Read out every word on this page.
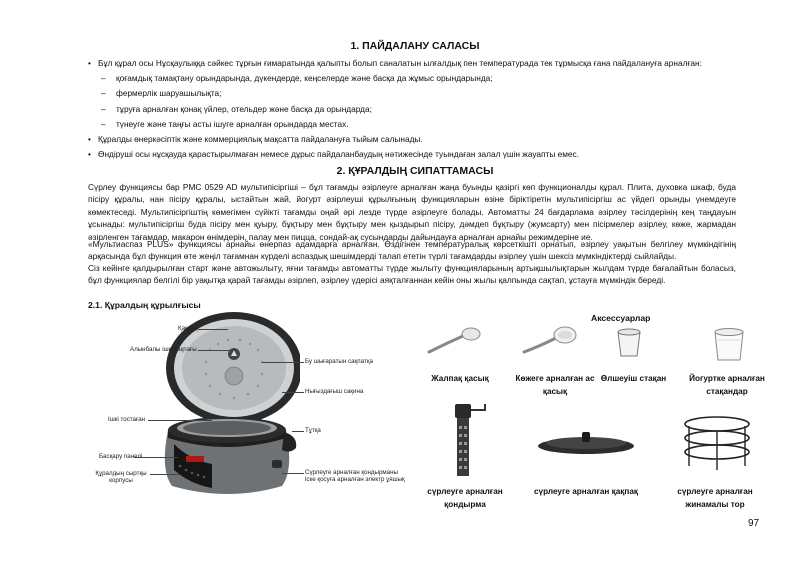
1. ПАЙДАЛАНУ САЛАСЫ
• Бұл құрал осы Нұсқаулыққа сәйкес тұрғын ғимаратында қалыпты болып саналатын ылғалдық пен температурада тек тұрмысқа ғана пайдалануға арналған:
– қоғамдық тамақтану орындарында, дүкендерде, кеңселерде және басқа да жұмыс орындарында;
– фермерлік шаруашылықта;
– тұруға арналған қонақ үйлер, отельдер және басқа да орындарда;
– түнеуге және таңғы асты ішуге арналған орындарда местах.
• Құралды өнеркәсіптік және коммерциялық мақсатта пайдалануға тыйым салынады.
• Өндіруші осы нұсқауда қарастырылмаған немесе дұрыс пайдаланбаудың нәтижесінде туындаған залал үшін жауапты емес.
2. ҚҰРАЛДЫҢ СИПАТТАМАСЫ
Сүрлеу функциясы бар PMC 0529 AD мультипісіргіші – бұл тағамды әзірлеуге арналған жаңа буынды қазіргі көп функционалды құрал. Плита, духовка шкаф, буда пісіру құралы, нан пісіру құралы, ыстайтын жай, йогурт әзірлеуші құрылғының функцияларын өзіне біріктіретін мультипісіргіш ас үйдегі орынды үнемдеуге көмектеседі. Мультипісіргіштің көмегімен сүйікті тағамды оңай әрі лезде түрде әзірлеуге болады. Автоматты 24 бағдарлама әзірлеу тәсілдерінің кең таңдауын ұсынады: мультипісіргіш буда пісіру мен қуыру, бұқтыру мен бұқтыру мен қыздырып пісіру, дәмдеп бұқтыру (жумсарту) мен пісірмелер әзірлеу, көже, жармадан әзірленген тағамдар, макарон өнімдерін, палау мен пицца, сондай-ақ сусындарды дайындауға арналған арнайы режимдеріне ие.
«Мультиаспаз PLUS» функциясы арнайы өнерпаз адамдарға арналған. Өздігінен температуралық көрсеткішті орнатып, әзірлеу уақытын белгілеу мүмкіндігінің арқасында бұл функция өте жеңіл тағамнан күрделі аспаздық шешімдерді талап ететін түрлі тағамдарды әзірлеу үшін шексіз мүмкіндіктерді сыйлайды.
Сіз кейінге қалдырылған старт және автожылыту, яғни тағамды автоматты түрде жылыту функцияларының артықшылықтарын жылдам түрде бағалайтын боласыз, бұл функциялар белгілі бір уақытқа қарай тағамды әзірлеп, әзірлеу үдерісі аяқталғаннан кейін оны жылы қалпында сақтап, ұстауға мүмкіндік береді.
2.1. Құралдың құрылғысы
Қақпақ
Алынбалы ішкі қақпағы
Бу шығаратын сақпатқа
Нығыздағыш сақина
Ішкі тостаған
Тұтқа
Басқару панелі
Құралдың сыртқы корпусы
Сүрлеуге арналған қондырманы іске қосуға арналған электр ұяшық
Аксессуарлар
Жалпақ қасық	Көжеге арналған ас қасық
Өлшеуіш стақан	Йогуртке арналған стақандар
сүрлеуге арналған қондырма
сүрлеуге арналған қақпақ	сүрлеуге арналған жинамалы тор
97
